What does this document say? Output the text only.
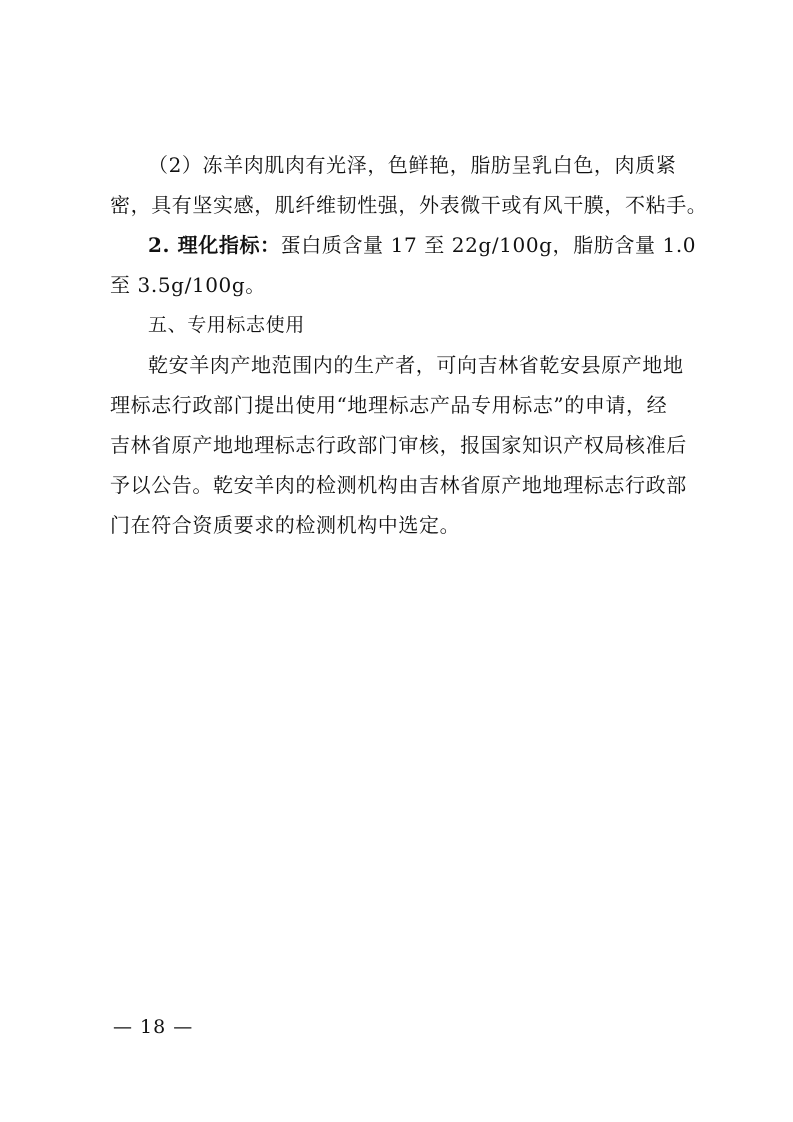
（2）冻羊肉肌肉有光泽，色鲜艳，脂肪呈乳白色，肉质紧
密，具有坚实感，肌纤维韧性强，外表微干或有风干膜，不粘手。
2. 理化指标：蛋白质含量 17 至 22g/100g，脂肪含量 1.0
至 3.5g/100g。
五、专用标志使用
乾安羊肉产地范围内的生产者，可向吉林省乾安县原产地地
理标志行政部门提出使用“地理标志产品专用标志”的申请，经
吉林省原产地地理标志行政部门审核，报国家知识产权局核准后
予以公告。乾安羊肉的检测机构由吉林省原产地地理标志行政部
门在符合资质要求的检测机构中选定。
— 18 —
